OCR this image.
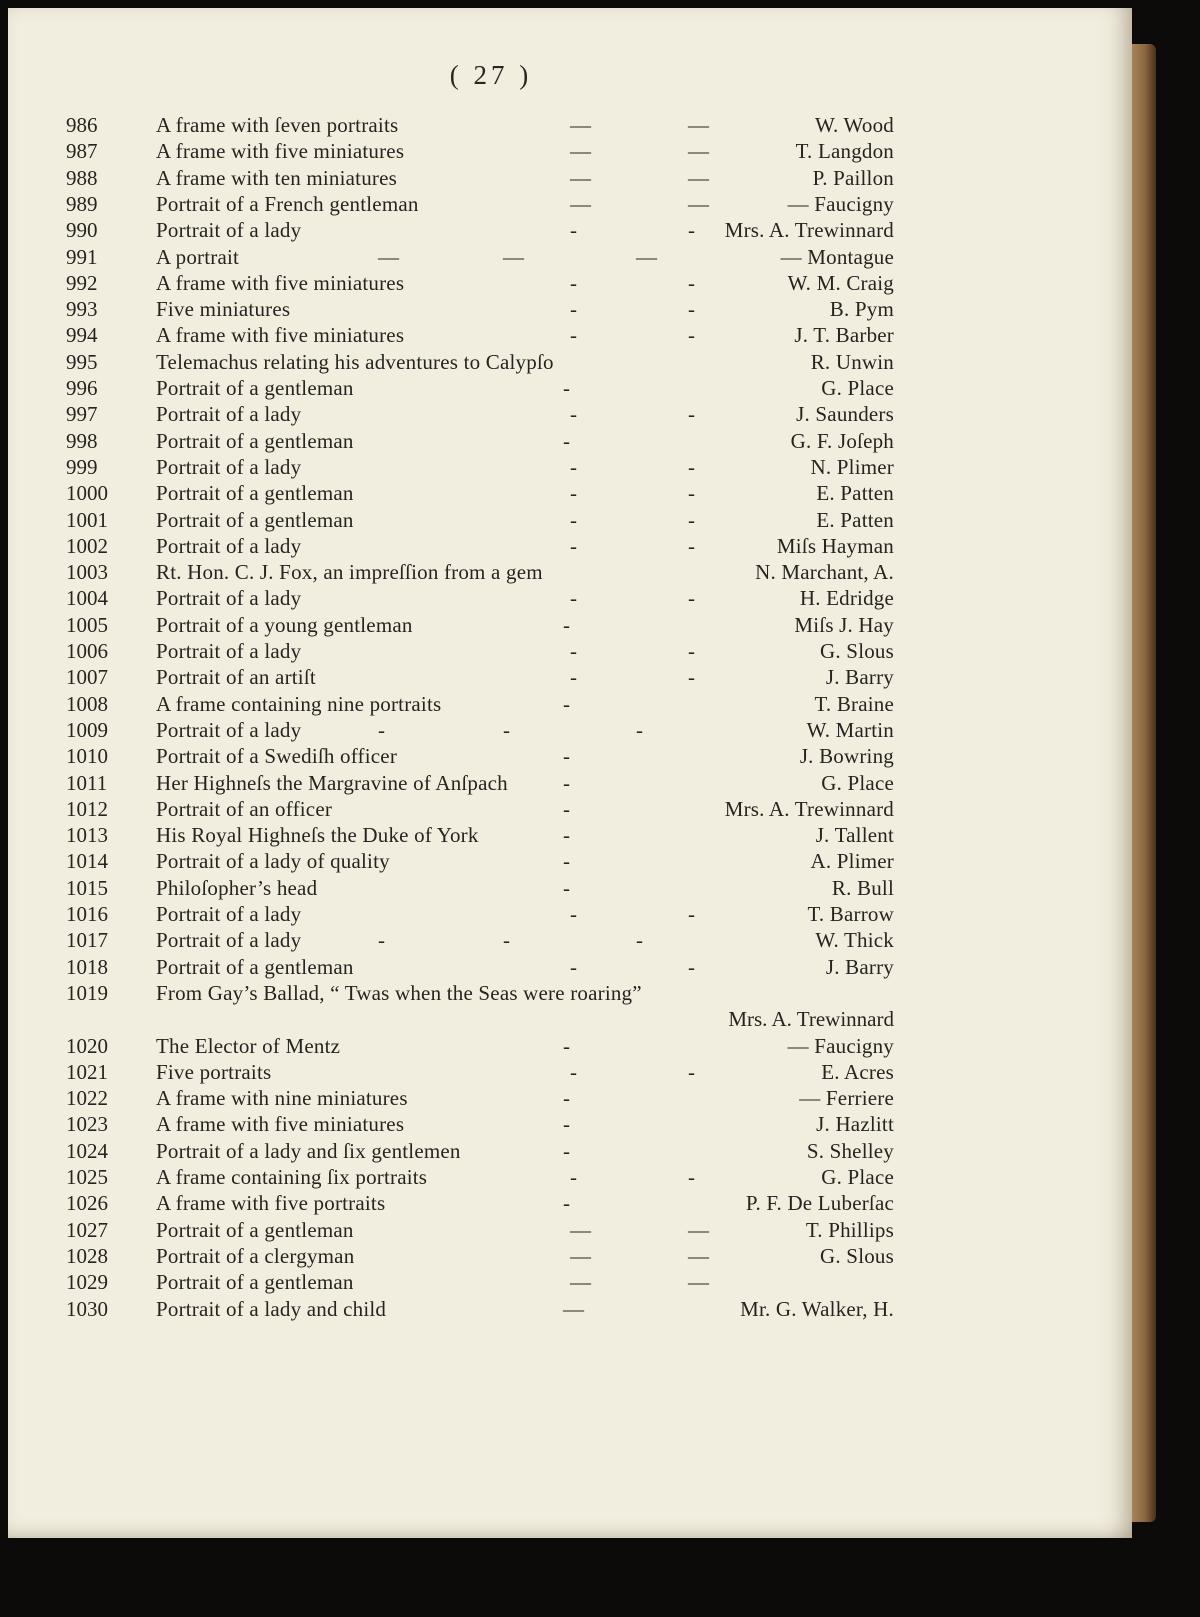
( 27 )
986	A frame with ſeven portraits	—	—	W. Wood
987	A frame with five miniatures	—	—	T. Langdon
988	A frame with ten miniatures	—	—	P. Paillon
989	Portrait of a French gentleman	—	—	— Faucigny
990	Portrait of a lady	-	- Mrs. A. Trewinnard
991	A portrait	—	—	—	— Montague
992	A frame with five miniatures	-	-	W. M. Craig
993	Five miniatures	-	-	B. Pym
994	A frame with five miniatures	-	-	J. T. Barber
995	Telemachus relating his adventures to Calypſo	R. Unwin
996	Portrait of a gentleman	-	G. Place
997	Portrait of a lady	-	-	J. Saunders
998	Portrait of a gentleman	-	G. F. Joſeph
999	Portrait of a lady	-	-	N. Plimer
1000	Portrait of a gentleman	-	-	E. Patten
1001	Portrait of a gentleman	-	-	E. Patten
1002	Portrait of a lady	-	-	Miſs Hayman
1003	Rt. Hon. C. J. Fox, an impreſſion from a gem	N. Marchant, A.
1004	Portrait of a lady	-	-	H. Edridge
1005	Portrait of a young gentleman	-	Miſs J. Hay
1006	Portrait of a lady	-	-	G. Slous
1007	Portrait of an artiſt	-	-	J. Barry
1008	A frame containing nine portraits	-	T. Braine
1009	Portrait of a lady	-	-	-	W. Martin
1010	Portrait of a Swediſh officer	-	J. Bowring
1011	Her Highneſs the Margravine of Anſpach	-	G. Place
1012	Portrait of an officer	-	Mrs. A. Trewinnard
1013	His Royal Highneſs the Duke of York	-	J. Tallent
1014	Portrait of a lady of quality	-	A. Plimer
1015	Philoſopher’s head	-	R. Bull
1016	Portrait of a lady	-	-	T. Barrow
1017	Portrait of a lady	-	-	-	W. Thick
1018	Portrait of a gentleman	-	-	J. Barry
1019	From Gay’s Ballad, “ Twas when the Seas were roaring”
Mrs. A. Trewinnard
1020	The Elector of Mentz	-	— Faucigny
1021	Five portraits	-	-	E. Acres
1022	A frame with nine miniatures	-	— Ferriere
1023	A frame with five miniatures	-	J. Hazlitt
1024	Portrait of a lady and ſix gentlemen	-	S. Shelley
1025	A frame containing ſix portraits	-	-	G. Place
1026	A frame with five portraits	-	P. F. De Luberſac
1027	Portrait of a gentleman	—	—	T. Phillips
1028	Portrait of a clergyman	—	—	G. Slous
1029	Portrait of a gentleman	—	—
1030	Portrait of a lady and child	—	Mr. G. Walker, H.
